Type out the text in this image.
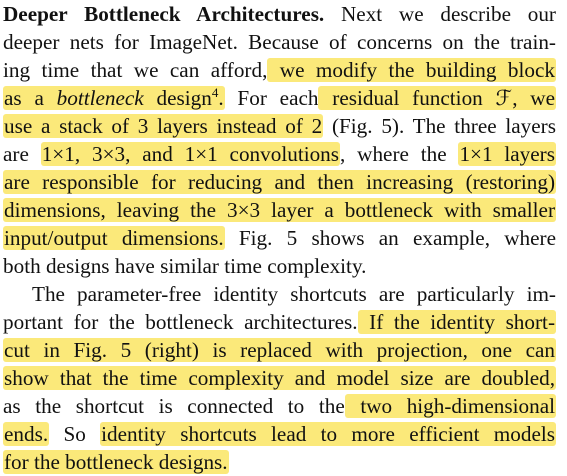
Deeper Bottleneck Architectures. Next we describe our
deeper nets for ImageNet. Because of concerns on the train-
ing time that we can afford, we modify the building block
as a bottleneck design$^4$. For each residual function ℱ, we
use a stack of 3 layers instead of 2 (Fig. 5). The three layers
are 1×1, 3×3, and 1×1 convolutions, where the 1×1 layers
are responsible for reducing and then increasing (restoring)
dimensions, leaving the 3×3 layer a bottleneck with smaller
input/output dimensions. Fig. 5 shows an example, where
both designs have similar time complexity.
The parameter-free identity shortcuts are particularly im-
portant for the bottleneck architectures. If the identity short-
cut in Fig. 5 (right) is replaced with projection, one can
show that the time complexity and model size are doubled,
as the shortcut is connected to the two high-dimensional
ends. So identity shortcuts lead to more efficient models
for the bottleneck designs.
